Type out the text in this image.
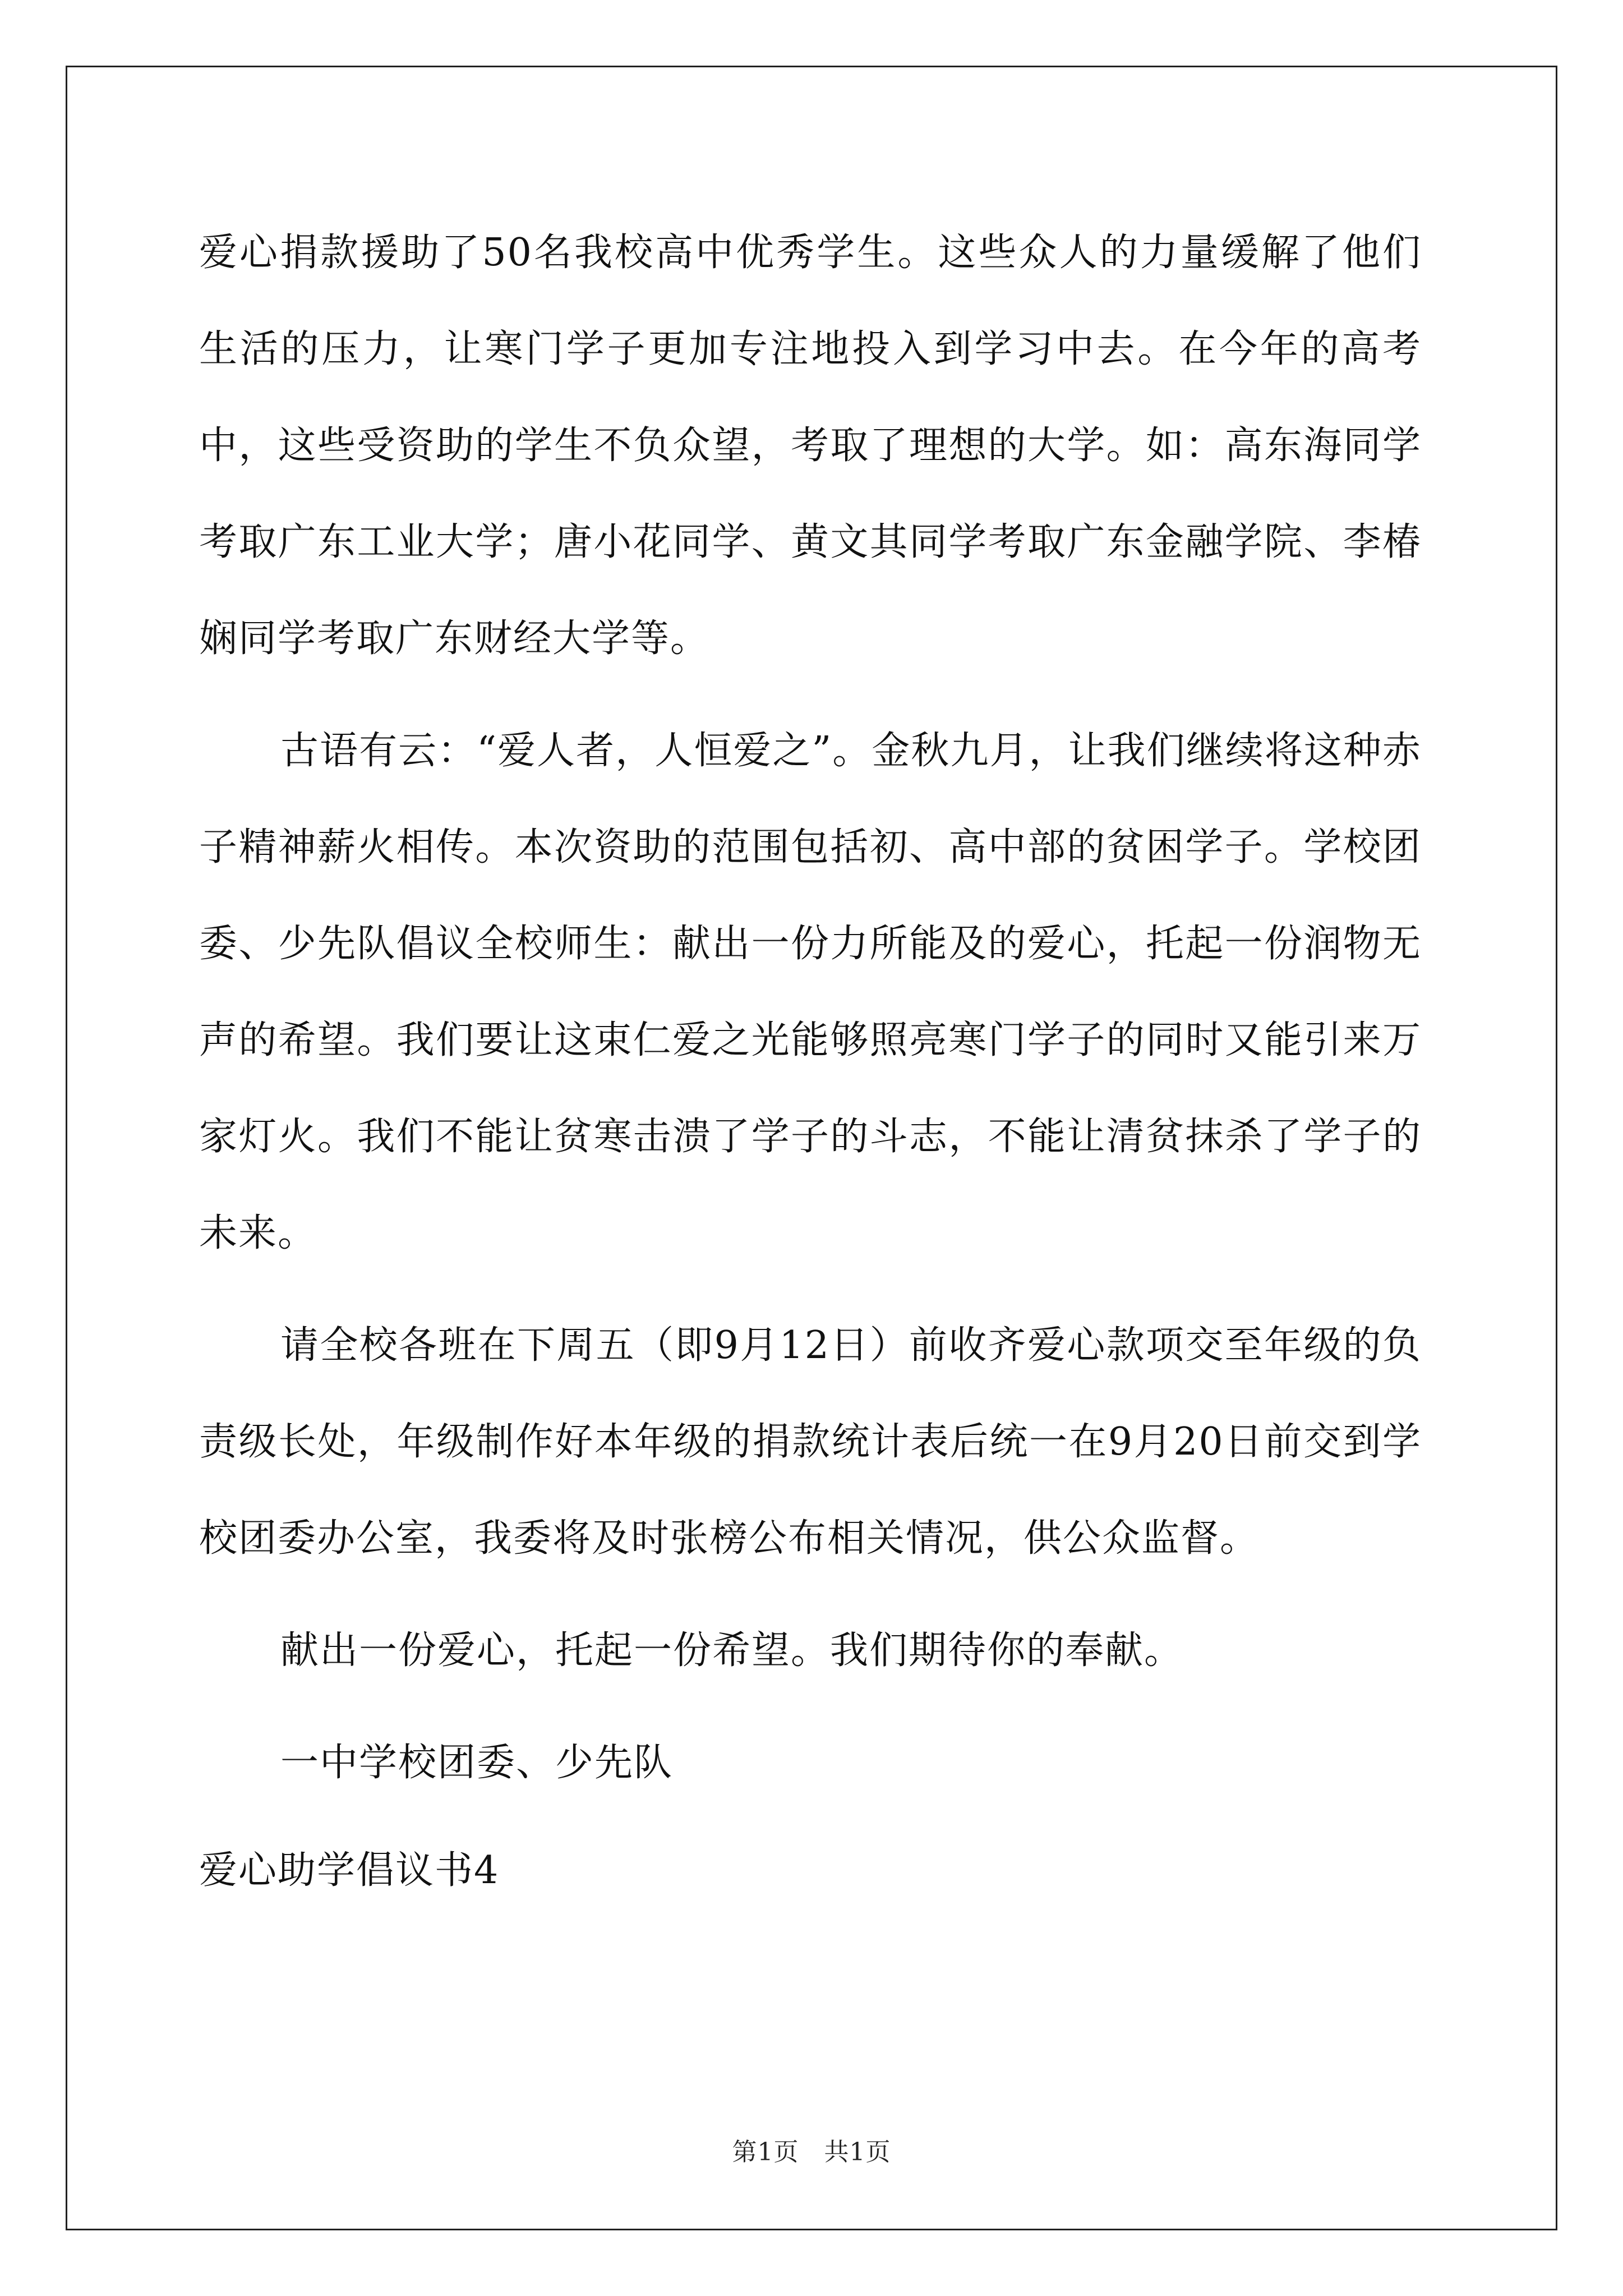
爱心捐款援助了50名我校高中优秀学生。这些众人的力量缓解了他们生活的压力，让寒门学子更加专注地投入到学习中去。在今年的高考中，这些受资助的学生不负众望，考取了理想的大学。如：高东海同学考取广东工业大学；唐小花同学、黄文其同学考取广东金融学院、李椿娴同学考取广东财经大学等。

古语有云：“爱人者，人恒爱之”。金秋九月，让我们继续将这种赤子精神薪火相传。本次资助的范围包括初、高中部的贫困学子。学校团委、少先队倡议全校师生：献出一份力所能及的爱心，托起一份润物无声的希望。我们要让这束仁爱之光能够照亮寒门学子的同时又能引来万家灯火。我们不能让贫寒击溃了学子的斗志，不能让清贫抹杀了学子的未来。

请全校各班在下周五（即9月12日）前收齐爱心款项交至年级的负责级长处，年级制作好本年级的捐款统计表后统一在9月20日前交到学校团委办公室，我委将及时张榜公布相关情况，供公众监督。

献出一份爱心，托起一份希望。我们期待你的奉献。

一中学校团委、少先队

爱心助学倡议书4

第1页　共1页
